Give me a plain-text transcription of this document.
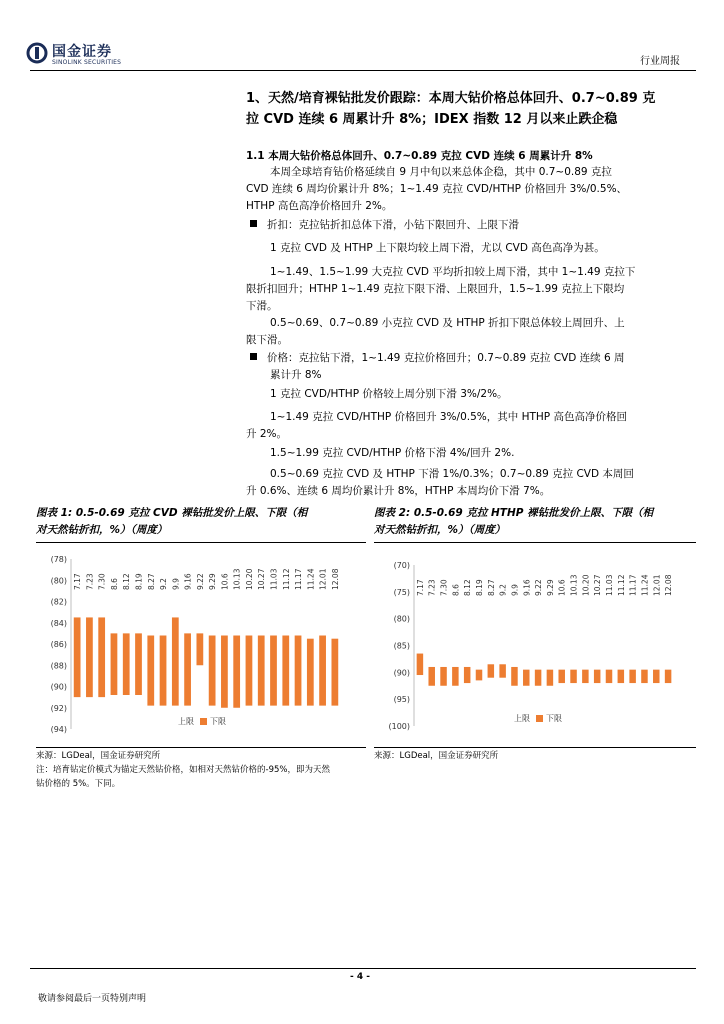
国金证券
SINOLINK SECURITIES	行业周报
1、天然/培育裸钻批发价跟踪：本周大钻价格总体回升、0.7~0.89 克
拉 CVD 连续 6 周累计升 8%；IDEX 指数 12 月以来止跌企稳
1.1 本周大钻价格总体回升、0.7~0.89 克拉 CVD 连续 6 周累计升 8%
本周全球培育钻价格延续自 9 月中旬以来总体企稳，其中 0.7~0.89 克拉
CVD 连续 6 周均价累计升 8%；1~1.49 克拉 CVD/HTHP 价格回升 3%/0.5%、
HTHP 高色高净价格回升 2%。
折扣：克拉钻折扣总体下滑，小钻下限回升、上限下滑
1 克拉 CVD 及 HTHP 上下限均较上周下滑，尤以 CVD 高色高净为甚。
1~1.49、1.5~1.99 大克拉 CVD 平均折扣较上周下滑，其中 1~1.49 克拉下
限折扣回升；HTHP 1~1.49 克拉下限下滑、上限回升，1.5~1.99 克拉上下限均
下滑。
0.5~0.69、0.7~0.89 小克拉 CVD 及 HTHP 折扣下限总体较上周回升、上
限下滑。
价格：克拉钻下滑，1~1.49 克拉价格回升；0.7~0.89 克拉 CVD 连续 6 周
累计升 8%
1 克拉 CVD/HTHP 价格较上周分别下滑 3%/2%。
1~1.49 克拉 CVD/HTHP 价格回升 3%/0.5%，其中 HTHP 高色高净价格回
升 2%。
1.5~1.99 克拉 CVD/HTHP 价格下滑 4%/回升 2%.
0.5~0.69 克拉 CVD 及 HTHP 下滑 1%/0.3%；0.7~0.89 克拉 CVD 本周回
升 0.6%、连续 6 周均价累计升 8%，HTHP 本周均价下滑 7%。
图表 1: 0.5-0.69 克拉 CVD 裸钻批发价上限、下限（相
对天然钻折扣，%）（周度）
(78)
(80)
(82)
(84)
(86)
(88)
(90)
(92)
(94)
7.17 7.23 7.30 8.6 8.12 8.19 8.27 9.2 9.9 9.16 9.22 9.29 10.6 10.13 10.20 10.27 11.03 11.12 11.17 11.24 12.01 12.08
上限 下限
来源：LGDeal，国金证券研究所
注：培育钻定价模式为锚定天然钻价格，如相对天然钻价格的-95%，即为天然
钻价格的 5%。下同。
图表 2: 0.5-0.69 克拉 HTHP 裸钻批发价上限、下限（相
对天然钻折扣，%）（周度）
(70)
(75)
(80)
(85)
(90)
(95)
(100)
7.17 7.23 7.30 8.6 8.12 8.19 8.27 9.2 9.9 9.16 9.22 9.29 10.6 10.13 10.20 10.27 11.03 11.12 11.17 11.24 12.01 12.08
上限 下限
来源：LGDeal，国金证券研究所
- 4 -
敬请参阅最后一页特别声明
